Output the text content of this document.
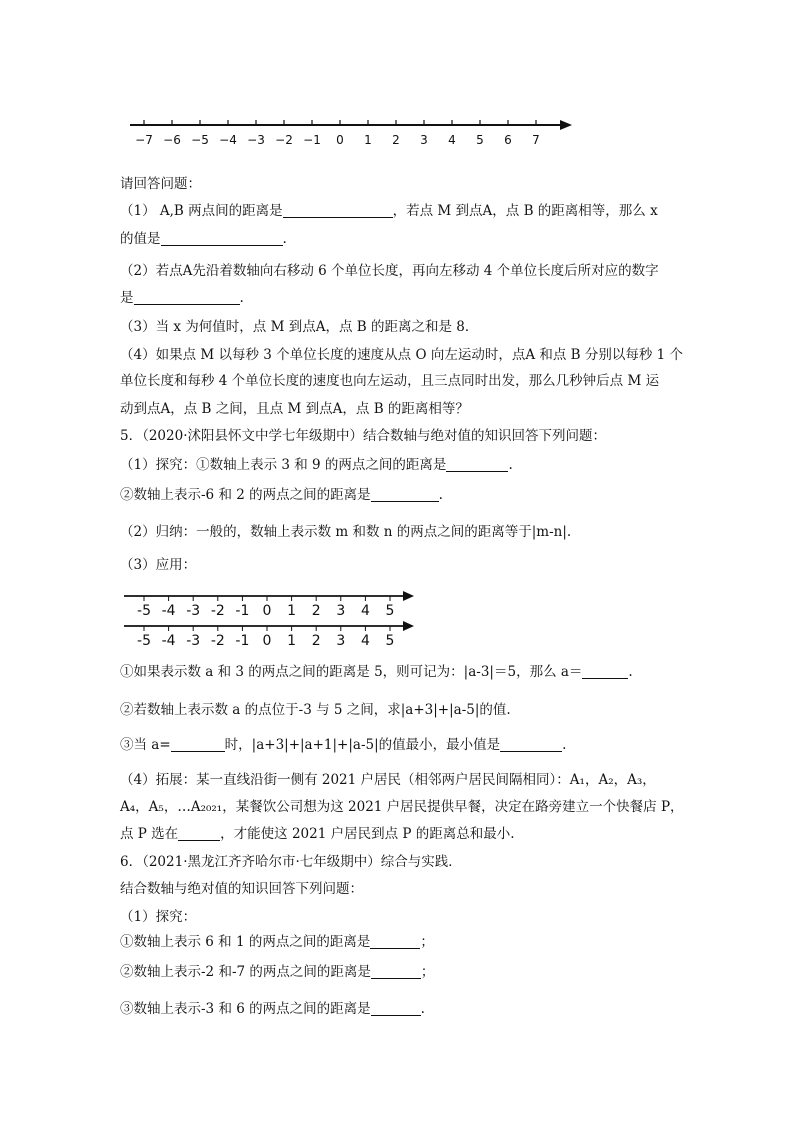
−7 −6 −5 −4 −3 −2 −1 0 1 2 3 4 5 6 7
请回答问题：
（1） A,B 两点间的距离是	，若点 M 到点A，点 B 的距离相等，那么 x
的值是	.
（2）若点A先沿着数轴向右移动 6 个单位长度，再向左移动 4 个单位长度后所对应的数字
是	.
（3）当 x 为何值时，点 M 到点A，点 B 的距离之和是 8．
（4）如果点 M 以每秒 3 个单位长度的速度从点 O 向左运动时，点A 和点 B 分别以每秒 1 个
单位长度和每秒 4 个单位长度的速度也向左运动，且三点同时出发，那么几秒钟后点 M 运
动到点A，点 B 之间，且点 M 到点A，点 B 的距离相等？
5．（2020·沭阳县怀文中学七年级期中）结合数轴与绝对值的知识回答下列问题：
（1）探究：①数轴上表示 3 和 9 的两点之间的距离是	.
②数轴上表示-6 和 2 的两点之间的距离是	.
（2）归纳：一般的，数轴上表示数 m 和数 n 的两点之间的距离等于|m-n|.
（3）应用：
-5 -4 -3 -2 -1 0 1 2 3 4 5
-5 -4 -3 -2 -1 0 1 2 3 4 5
①如果表示数 a 和 3 的两点之间的距离是 5，则可记为：|a-3|＝5，那么 a＝	.
②若数轴上表示数 a 的点位于-3 与 5 之间，求|a+3|+|a-5|的值.
③当 a=	时，|a+3|+|a+1|+|a-5|的值最小，最小值是	.
（4）拓展：某一直线沿街一侧有 2021 户居民（相邻两户居民间隔相同）：A₁，A₂，A₃，
A₄，A₅，…A₂₀₂₁，某餐饮公司想为这 2021 户居民提供早餐，决定在路旁建立一个快餐店 P，
点 P 选在	，才能使这 2021 户居民到点 P 的距离总和最小.
6．（2021·黑龙江齐齐哈尔市·七年级期中）综合与实践．
结合数轴与绝对值的知识回答下列问题：
（1）探究：
①数轴上表示 6 和 1 的两点之间的距离是	；
②数轴上表示-2 和-7 的两点之间的距离是	；
③数轴上表示-3 和 6 的两点之间的距离是	.
